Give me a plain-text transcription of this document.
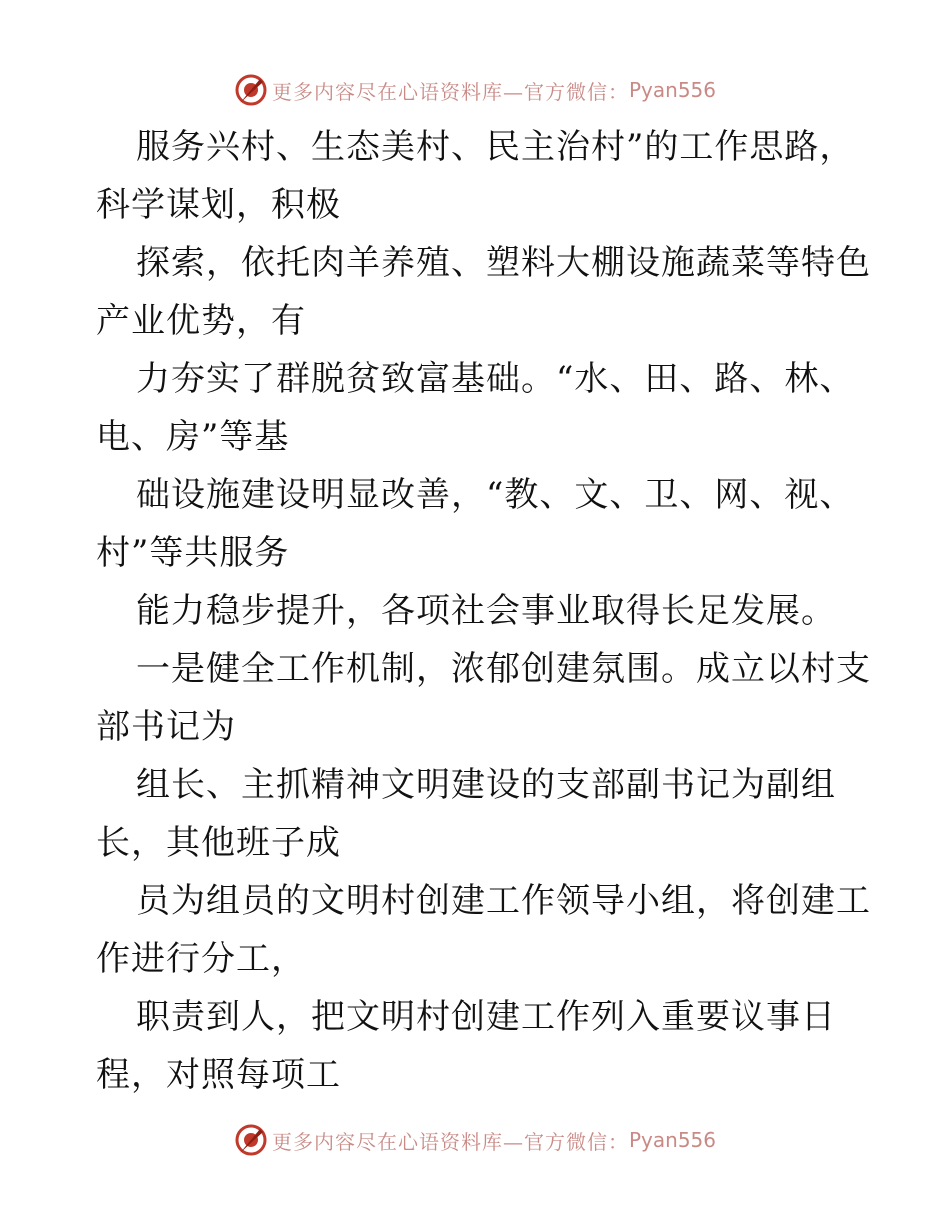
更多内容尽在心语资料库—官方微信： Pyan556
服务兴村、生态美村、民主治村”的工作思路，
科学谋划，积极
探索，依托肉羊养殖、塑料大棚设施蔬菜等特色
产业优势，有
力夯实了群脱贫致富基础。“水、田、路、林、
电、房”等基
础设施建设明显改善，“教、文、卫、网、视、
村”等共服务
能力稳步提升，各项社会事业取得长足发展。
一是健全工作机制，浓郁创建氛围。成立以村支
部书记为
组长、主抓精神文明建设的支部副书记为副组
长，其他班子成
员为组员的文明村创建工作领导小组，将创建工
作进行分工，
职责到人，把文明村创建工作列入重要议事日
程，对照每项工
更多内容尽在心语资料库—官方微信： Pyan556
